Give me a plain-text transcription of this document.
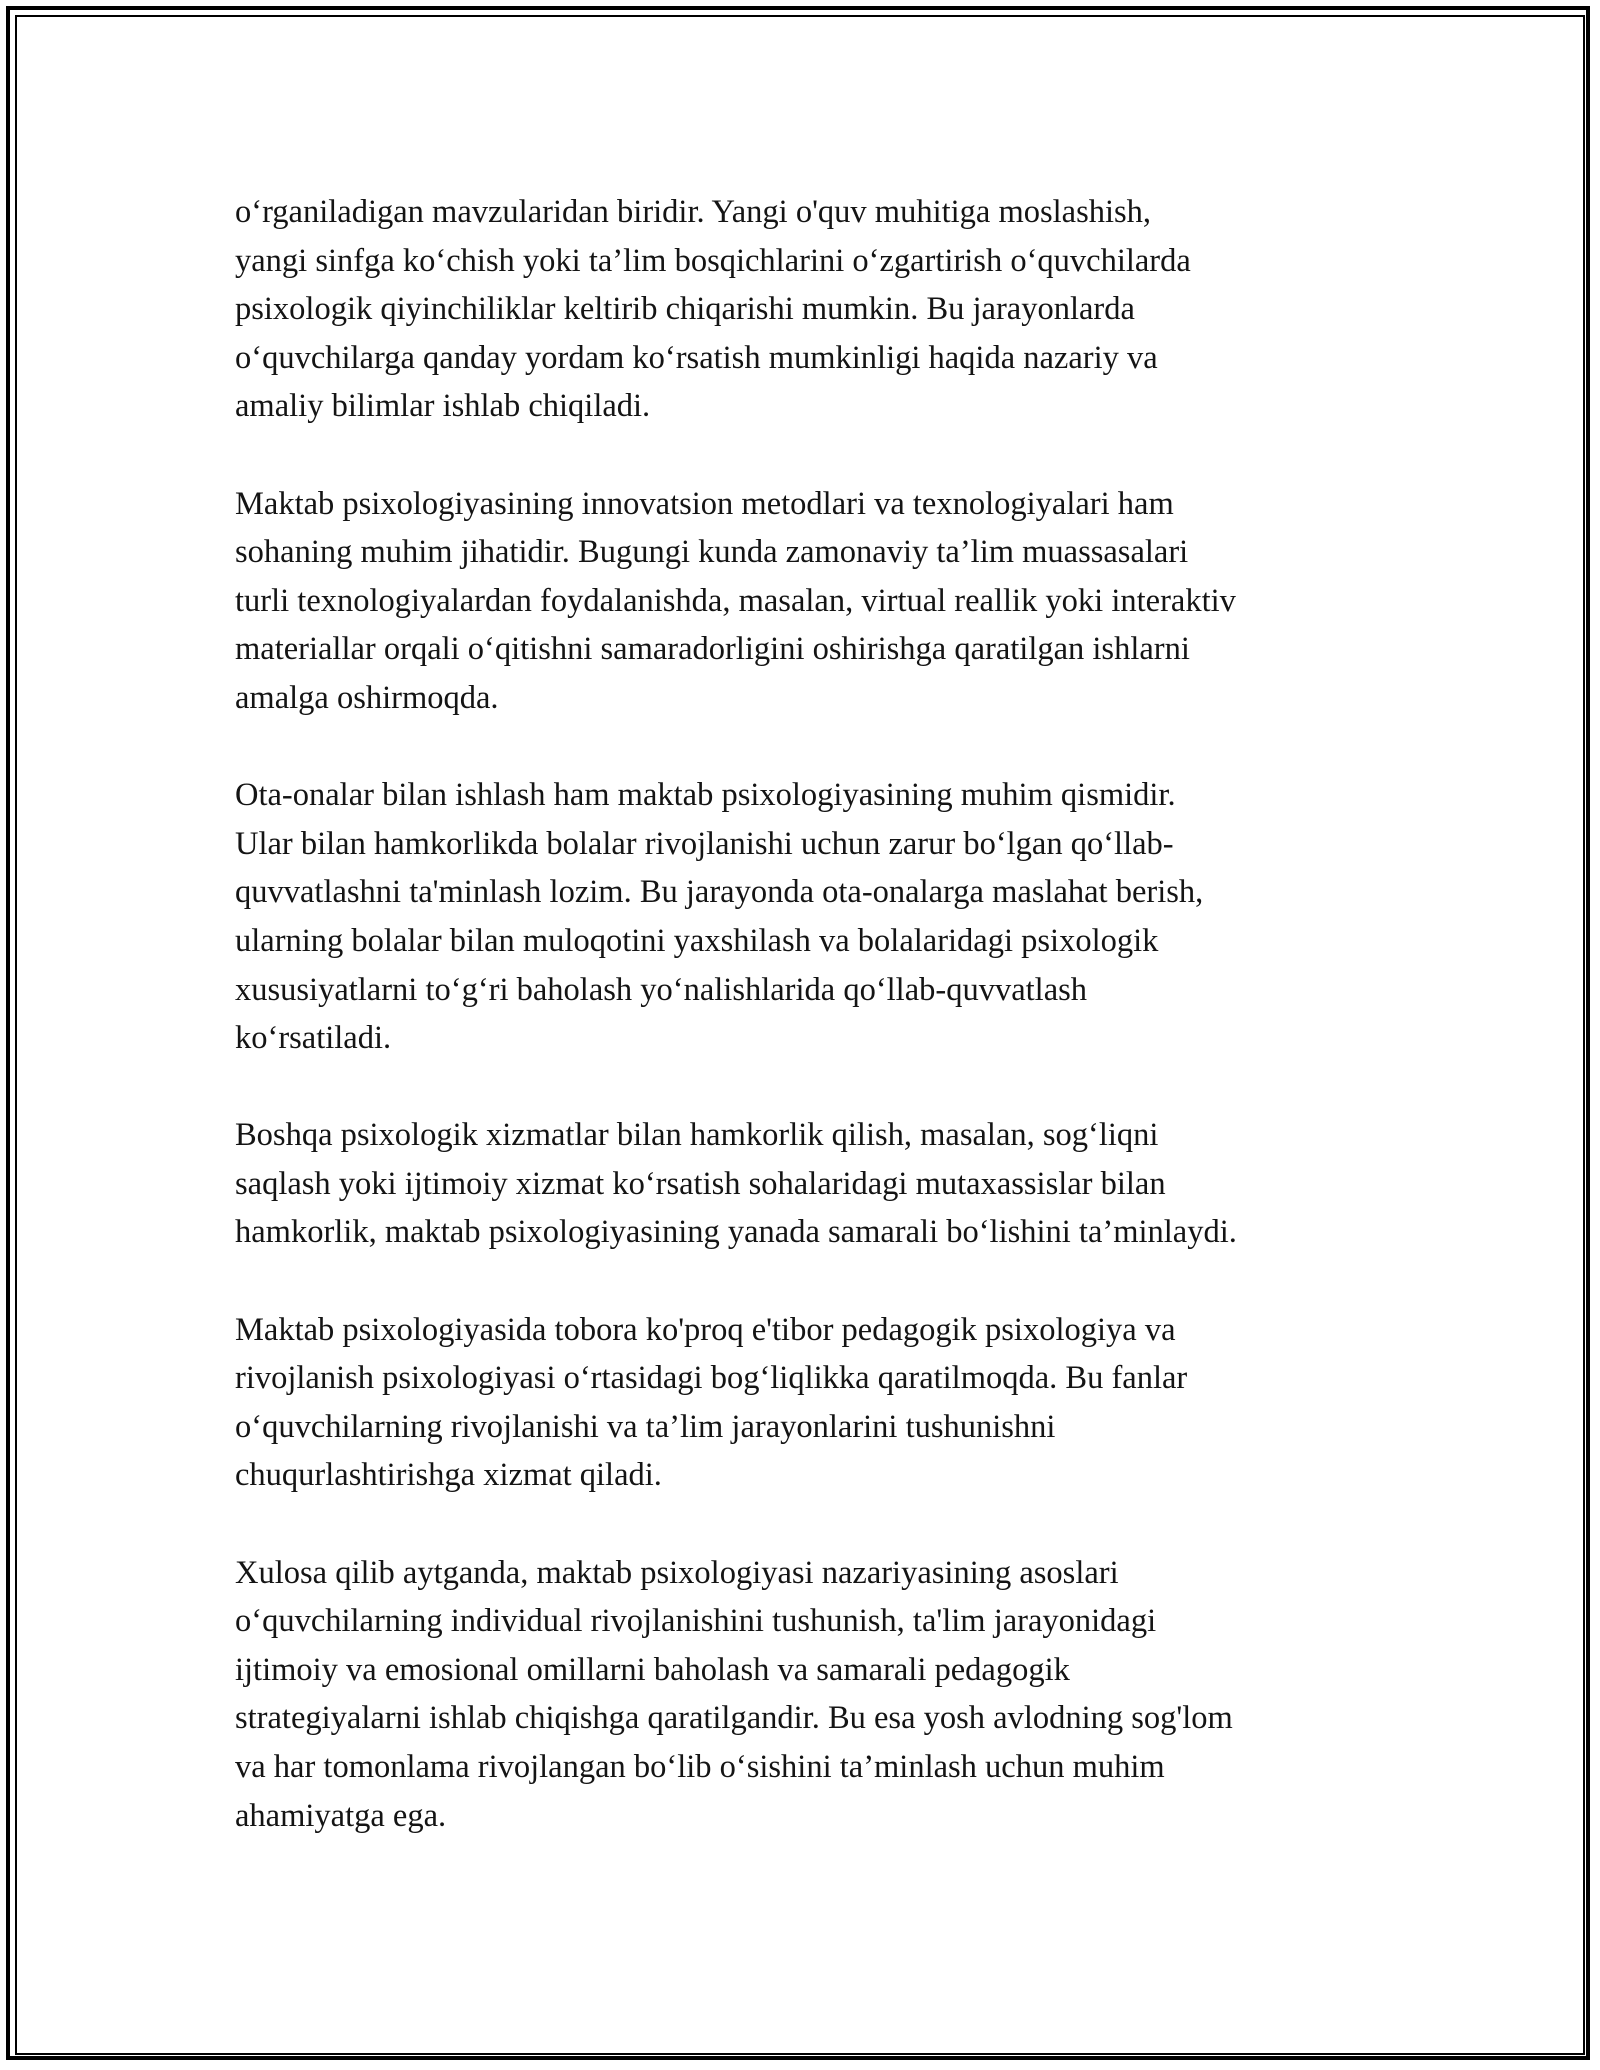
o‘rganiladigan mavzularidan biridir. Yangi o'quv muhitiga moslashish,
yangi sinfga ko‘chish yoki ta’lim bosqichlarini o‘zgartirish o‘quvchilarda
psixologik qiyinchiliklar keltirib chiqarishi mumkin. Bu jarayonlarda
o‘quvchilarga qanday yordam ko‘rsatish mumkinligi haqida nazariy va
amaliy bilimlar ishlab chiqiladi.

Maktab psixologiyasining innovatsion metodlari va texnologiyalari ham
sohaning muhim jihatidir. Bugungi kunda zamonaviy ta’lim muassasalari
turli texnologiyalardan foydalanishda, masalan, virtual reallik yoki interaktiv
materiallar orqali o‘qitishni samaradorligini oshirishga qaratilgan ishlarni
amalga oshirmoqda.

Ota-onalar bilan ishlash ham maktab psixologiyasining muhim qismidir.
Ular bilan hamkorlikda bolalar rivojlanishi uchun zarur bo‘lgan qo‘llab-
quvvatlashni ta'minlash lozim. Bu jarayonda ota-onalarga maslahat berish,
ularning bolalar bilan muloqotini yaxshilash va bolalaridagi psixologik
xususiyatlarni to‘g‘ri baholash yo‘nalishlarida qo‘llab-quvvatlash
ko‘rsatiladi.

Boshqa psixologik xizmatlar bilan hamkorlik qilish, masalan, sog‘liqni
saqlash yoki ijtimoiy xizmat ko‘rsatish sohalaridagi mutaxassislar bilan
hamkorlik, maktab psixologiyasining yanada samarali bo‘lishini ta’minlaydi.

Maktab psixologiyasida tobora ko'proq e'tibor pedagogik psixologiya va
rivojlanish psixologiyasi o‘rtasidagi bog‘liqlikka qaratilmoqda. Bu fanlar
o‘quvchilarning rivojlanishi va ta’lim jarayonlarini tushunishni
chuqurlashtirishga xizmat qiladi.

Xulosa qilib aytganda, maktab psixologiyasi nazariyasining asoslari
o‘quvchilarning individual rivojlanishini tushunish, ta'lim jarayonidagi
ijtimoiy va emosional omillarni baholash va samarali pedagogik
strategiyalarni ishlab chiqishga qaratilgandir. Bu esa yosh avlodning sog'lom
va har tomonlama rivojlangan bo‘lib o‘sishini ta’minlash uchun muhim
ahamiyatga ega.
